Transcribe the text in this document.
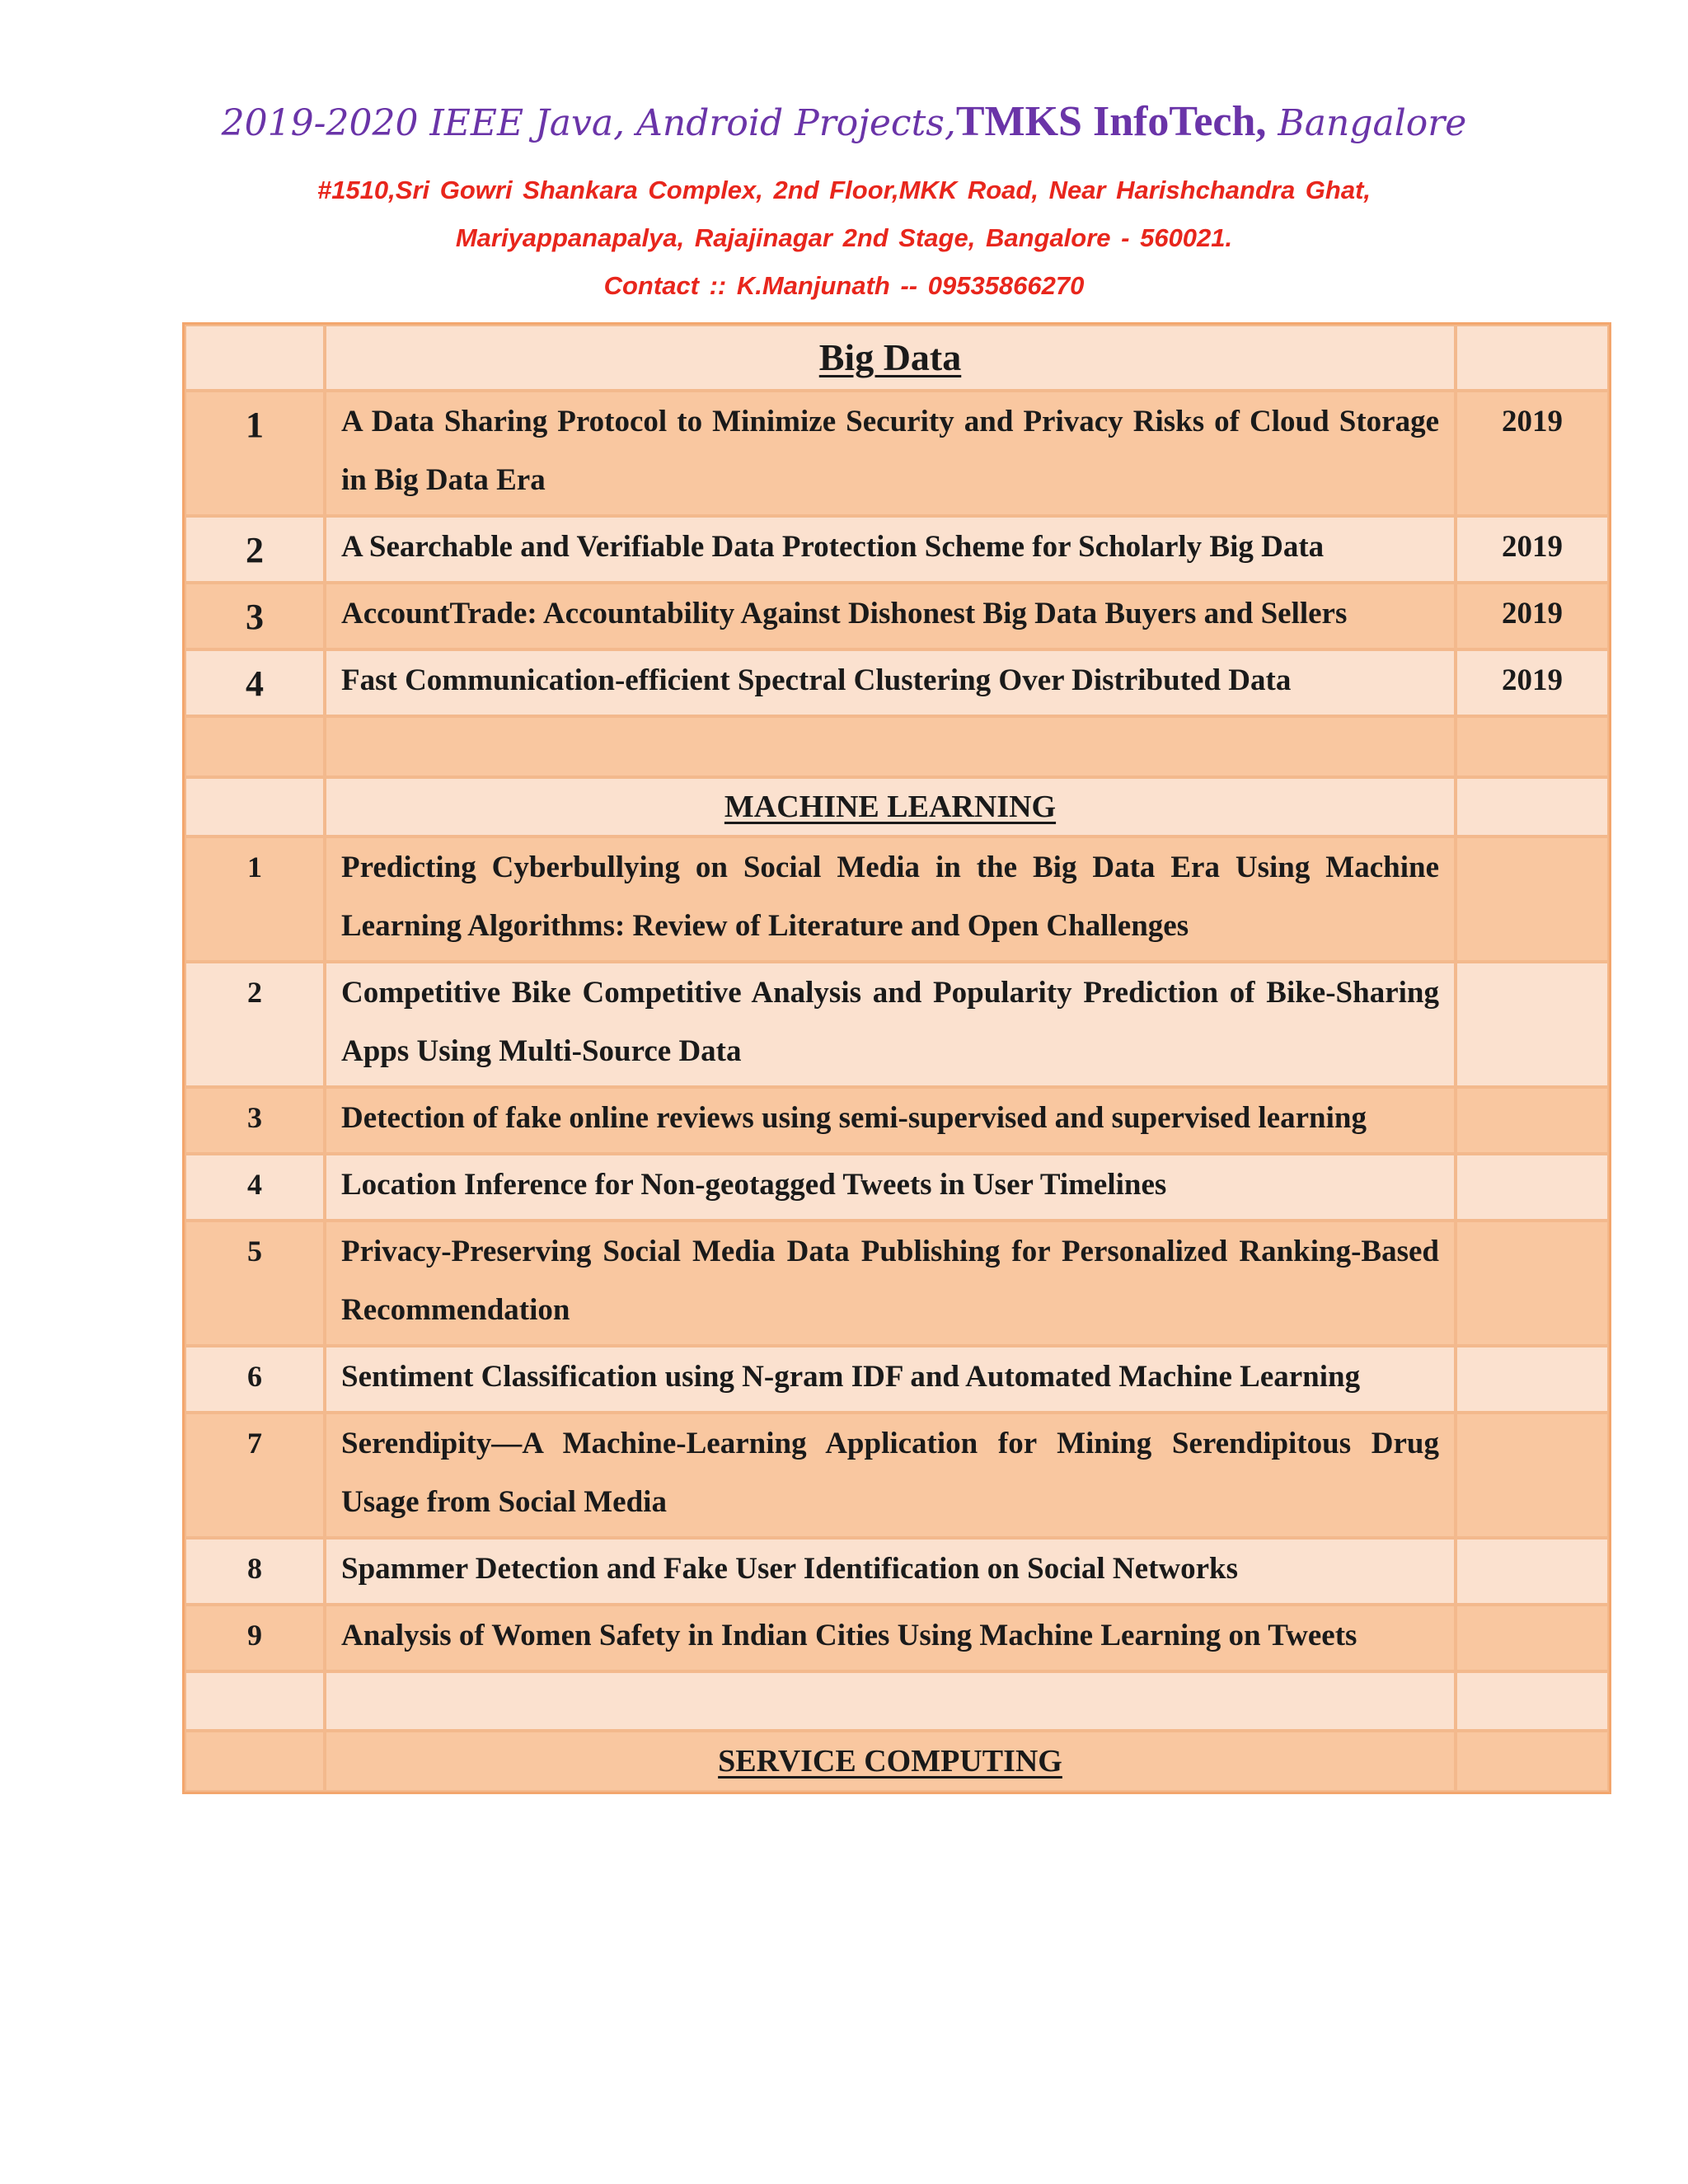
2019-2020 IEEE Java, Android Projects,TMKS InfoTech, Bangalore
#1510,Sri Gowri Shankara Complex, 2nd Floor,MKK Road, Near Harishchandra Ghat,
Mariyappanapalya, Rajajinagar 2nd Stage, Bangalore - 560021.
Contact :: K.Manjunath -- 09535866270
	Big Data	
1	A Data Sharing Protocol to Minimize Security and Privacy Risks of Cloud Storage in Big Data Era	2019
2	A Searchable and Verifiable Data Protection Scheme for Scholarly Big Data	2019
3	AccountTrade: Accountability Against Dishonest Big Data Buyers and Sellers	2019
4	Fast Communication-efficient Spectral Clustering Over Distributed Data	2019

	MACHINE LEARNING	
1	Predicting Cyberbullying on Social Media in the Big Data Era Using Machine Learning Algorithms: Review of Literature and Open Challenges	
2	Competitive Bike Competitive Analysis and Popularity Prediction of Bike-Sharing Apps Using Multi-Source Data	
3	Detection of fake online reviews using semi-supervised and supervised learning	
4	Location Inference for Non-geotagged Tweets in User Timelines	
5	Privacy-Preserving Social Media Data Publishing for Personalized Ranking-Based Recommendation	
6	Sentiment Classification using N-gram IDF and Automated Machine Learning	
7	Serendipity—A Machine-Learning Application for Mining Serendipitous Drug Usage from Social Media	
8	Spammer Detection and Fake User Identification on Social Networks	
9	Analysis of Women Safety in Indian Cities Using Machine Learning on Tweets	

	SERVICE COMPUTING	
